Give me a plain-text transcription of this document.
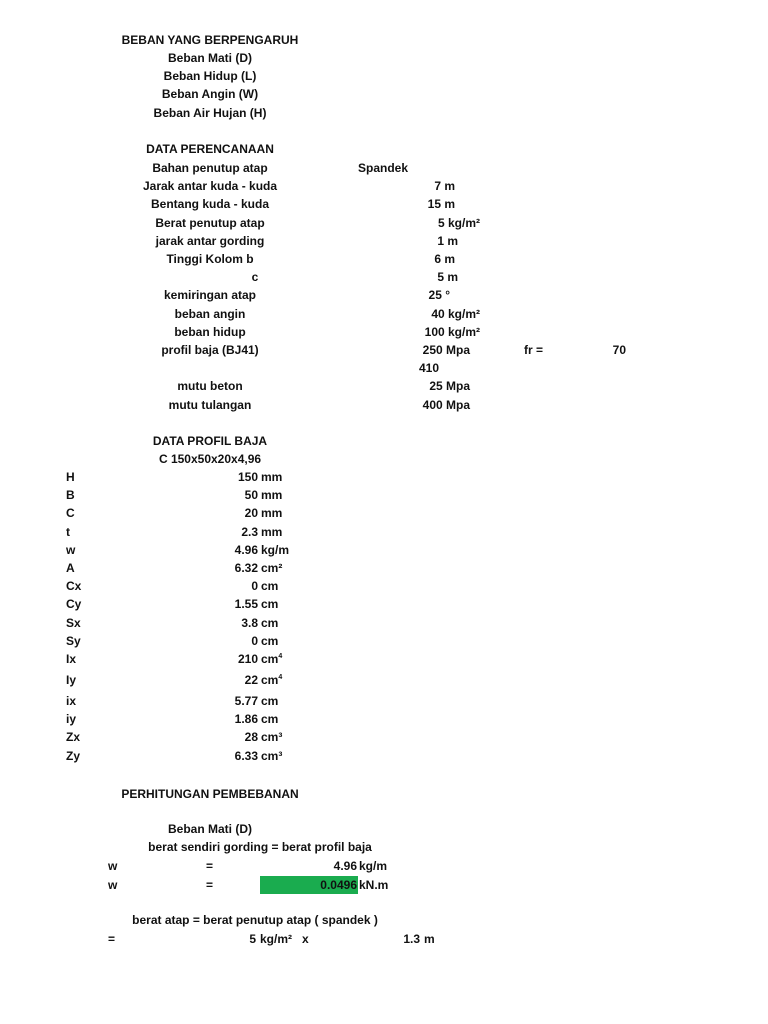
BEBAN YANG BERPENGARUH
Beban Mati (D)
Beban Hidup (L)
Beban Angin (W)
Beban Air Hujan (H)
DATA PERENCANAAN
Bahan penutup atap	Spandek
Jarak antar kuda - kuda	7 m
Bentang kuda - kuda	15 m
Berat penutup atap	5 kg/m²
jarak antar gording	1 m
Tinggi Kolom b	6 m
c	5 m
kemiringan atap	25 °
beban angin	40 kg/m²
beban hidup	100 kg/m²
profil baja (BJ41)	250 Mpa	fr =	70
410
mutu beton	25 Mpa
mutu tulangan	400 Mpa
DATA PROFIL BAJA
C 150x50x20x4,96
H	150 mm
B	50 mm
C	20 mm
t	2.3 mm
w	4.96 kg/m
A	6.32 cm²
Cx	0 cm
Cy	1.55 cm
Sx	3.8 cm
Sy	0 cm
Ix	210 $cm^4$
Iy	22 $cm^4$
ix	5.77 cm
iy	1.86 cm
Zx	28 cm³
Zy	6.33 cm³
PERHITUNGAN PEMBEBANAN
Beban Mati (D)
berat sendiri gording = berat profil baja
w	=	4.96 kg/m
w	=	0.0496 kN.m
berat atap = berat penutup atap ( spandek )
=	5 kg/m² x	1.3 m
